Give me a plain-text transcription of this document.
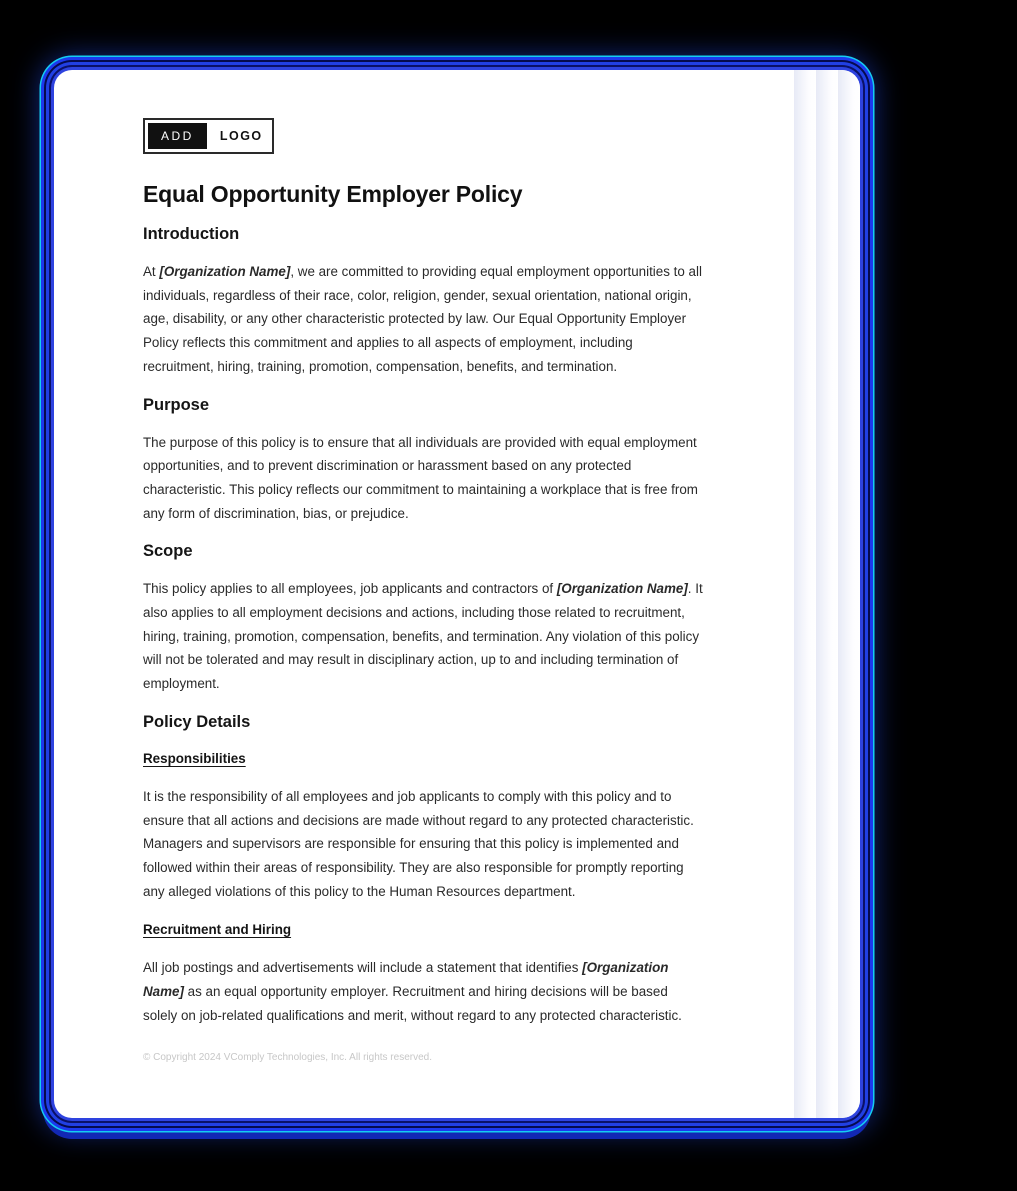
ADD	LOGO
Equal Opportunity Employer Policy
Introduction

At [Organization Name], we are committed to providing equal employment opportunities to all individuals, regardless of their race, color, religion, gender, sexual orientation, national origin, age, disability, or any other characteristic protected by law. Our Equal Opportunity Employer Policy reflects this commitment and applies to all aspects of employment, including recruitment, hiring, training, promotion, compensation, benefits, and termination.

Purpose

The purpose of this policy is to ensure that all individuals are provided with equal employment opportunities, and to prevent discrimination or harassment based on any protected characteristic. This policy reflects our commitment to maintaining a workplace that is free from any form of discrimination, bias, or prejudice.

Scope

This policy applies to all employees, job applicants and contractors of [Organization Name]. It also applies to all employment decisions and actions, including those related to recruitment, hiring, training, promotion, compensation, benefits, and termination. Any violation of this policy will not be tolerated and may result in disciplinary action, up to and including termination of employment.

Policy Details
Responsibilities

It is the responsibility of all employees and job applicants to comply with this policy and to ensure that all actions and decisions are made without regard to any protected characteristic. Managers and supervisors are responsible for ensuring that this policy is implemented and followed within their areas of responsibility. They are also responsible for promptly reporting any alleged violations of this policy to the Human Resources department.

Recruitment and Hiring

All job postings and advertisements will include a statement that identifies [Organization Name] as an equal opportunity employer. Recruitment and hiring decisions will be based solely on job-related qualifications and merit, without regard to any protected characteristic.

© Copyright 2024 VComply Technologies, Inc. All rights reserved.
